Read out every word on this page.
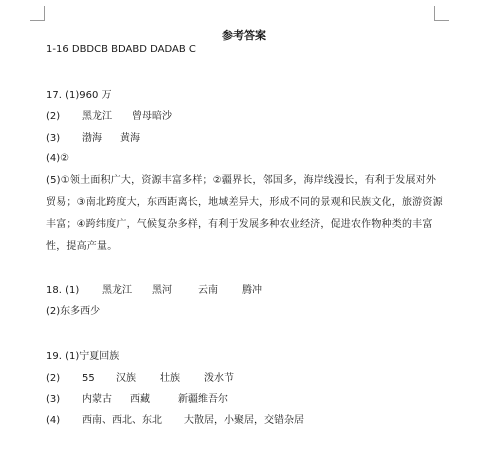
参考答案
1-16 DBDCB BDABD DADAB C
17. (1)960 万
(2) 黑龙江 曾母暗沙
(3) 渤海 黄海
(4)②
(5)①领土面积广大，资源丰富多样；②疆界长，邻国多，海岸线漫长，有利于发展对外贸易；③南北跨度大，东西距离长，地域差异大，形成不同的景观和民族文化，旅游资源丰富；④跨纬度广，气候复杂多样，有利于发展多种农业经济，促进农作物种类的丰富性，提高产量。
18. (1) 黑龙江 黑河	云南 腾冲
(2)东多西少
19. (1)宁夏回族
(2) 55 汉族 壮族 泼水节
(3) 内蒙古 西藏	新疆维吾尔
(4) 西南、西北、东北 大散居，小聚居，交错杂居
